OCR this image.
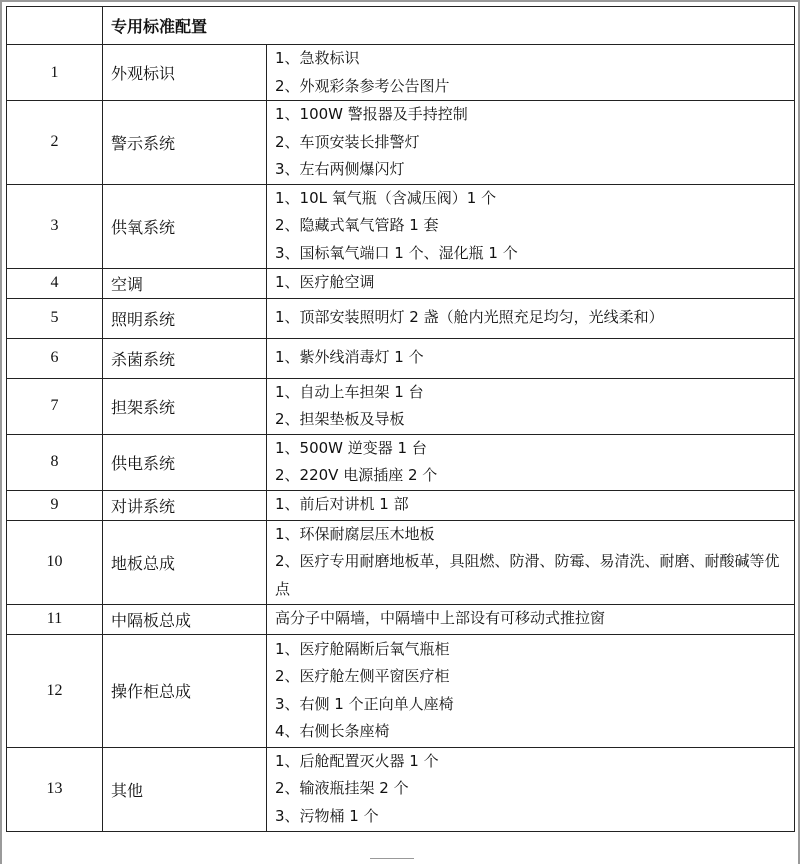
	专用标准配置	
1	外观标识	1、急救标识
2、外观彩条参考公告图片

2	警示系统	1、100W 警报器及手持控制
2、车顶安装长排警灯
3、左右两侧爆闪灯

3	供氧系统	1、10L 氧气瓶（含减压阀）1 个
2、隐藏式氧气管路 1 套
3、国标氧气端口 1 个、湿化瓶 1 个

4	空调	1、医疗舱空调

5	照明系统	1、顶部安装照明灯 2 盏（舱内光照充足均匀，光线柔和）

6	杀菌系统	1、紫外线消毒灯 1 个

7	担架系统	1、自动上车担架 1 台
2、担架垫板及导板

8	供电系统	1、500W 逆变器 1 台
2、220V 电源插座 2 个

9	对讲系统	1、前后对讲机 1 部

10	地板总成	1、环保耐腐层压木地板
2、医疗专用耐磨地板革，具阻燃、防滑、防霉、易清洗、耐磨、耐酸碱等优点

11	中隔板总成	高分子中隔墙，中隔墙中上部设有可移动式推拉窗

12	操作柜总成	1、医疗舱隔断后氧气瓶柜
2、医疗舱左侧平窗医疗柜
3、右侧 1 个正向单人座椅
4、右侧长条座椅

13	其他	1、后舱配置灭火器 1 个
2、输液瓶挂架 2 个
3、污物桶 1 个
